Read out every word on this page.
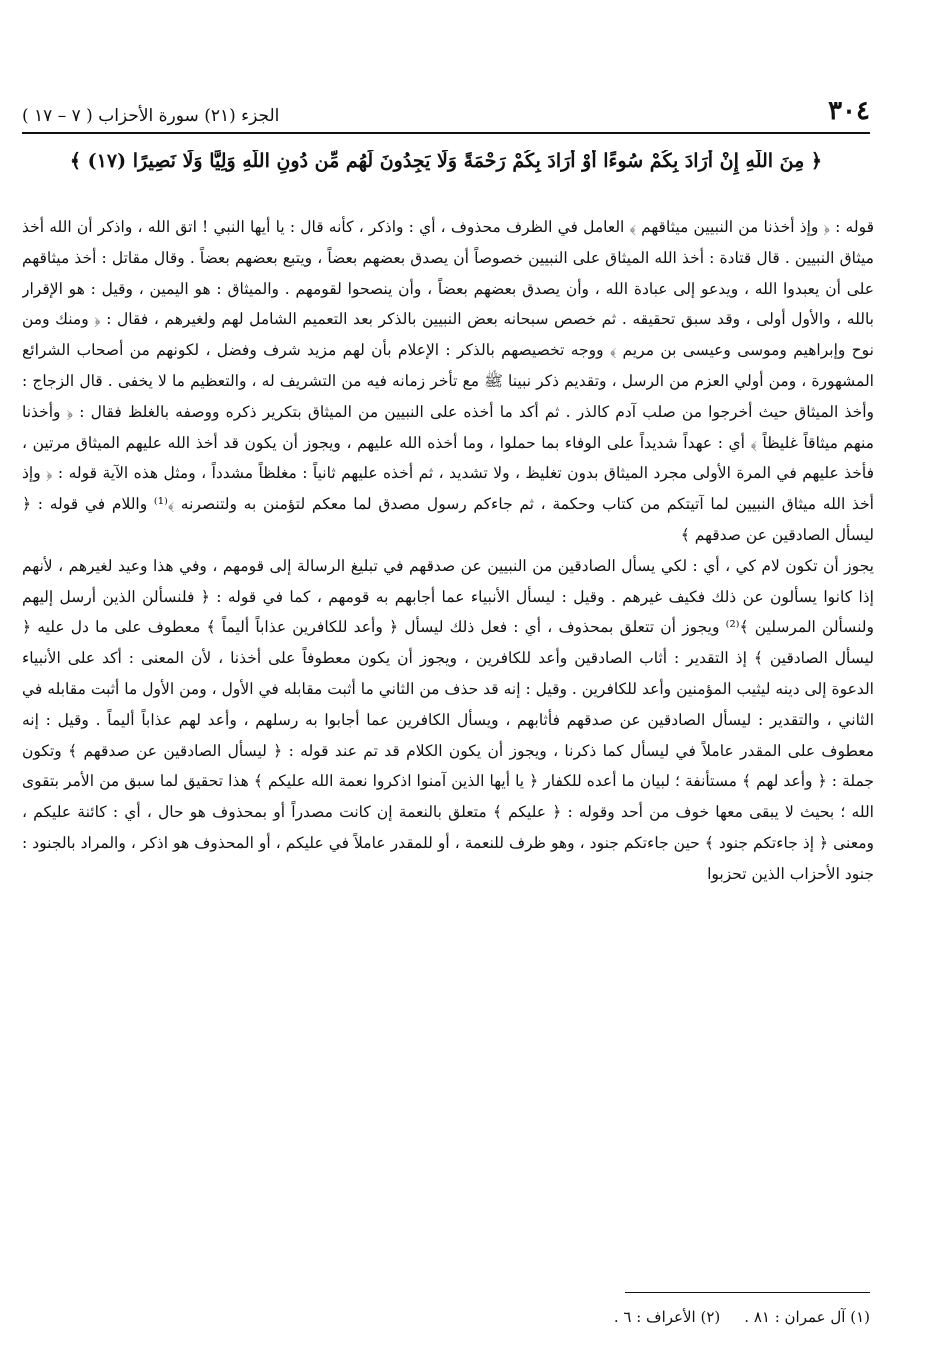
٣٠٤
الجزء (٢١) سورة الأحزاب ( ٧ – ١٧ )
﴿ مِنَ اللَّهِ إِنْ أَرَادَ بِكُمْ سُوءًا أَوْ أَرَادَ بِكُمْ رَحْمَةً وَلَا يَجِدُونَ لَهُم مِّن دُونِ اللَّهِ وَلِيًّا وَلَا نَصِيرًا (١٧) ﴾

قوله : ﴿ وإذ أخذنا من النبيين ميثاقهم ﴾ العامل في الظرف محذوف ، أي : واذكر ، كأنه قال : يا أيها النبي ! اتق الله ، واذكر أن الله أخذ ميثاق النبيين . قال قتادة : أخذ الله الميثاق على النبيين خصوصاً أن يصدق بعضهم بعضاً ، ويتبع بعضهم بعضاً . وقال مقاتل : أخذ ميثاقهم على أن يعبدوا الله ، ويدعو إلى عبادة الله ، وأن يصدق بعضهم بعضاً ، وأن ينصحوا لقومهم . والميثاق : هو اليمين ، وقيل : هو الإقرار بالله ، والأول أولى ، وقد سبق تحقيقه . ثم خصص سبحانه بعض النبيين بالذكر بعد التعميم الشامل لهم ولغيرهم ، فقال : ﴿ ومنك ومن نوح وإبراهيم وموسى وعيسى بن مريم ﴾ ووجه تخصيصهم بالذكر : الإعلام بأن لهم مزيد شرف وفضل ، لكونهم من أصحاب الشرائع المشهورة ، ومن أولي العزم من الرسل ، وتقديم ذكر نبينا ﷺ مع تأخر زمانه فيه من التشريف له ، والتعظيم ما لا يخفى . قال الزجاج : وأخذ الميثاق حيث أخرجوا من صلب آدم كالذر . ثم أكد ما أخذه على النبيين من الميثاق بتكرير ذكره ووصفه بالغلظ فقال : ﴿ وأخذنا منهم ميثاقاً غليظاً ﴾ أي : عهداً شديداً على الوفاء بما حملوا ، وما أخذه الله عليهم ، ويجوز أن يكون قد أخذ الله عليهم الميثاق مرتين ، فأخذ عليهم في المرة الأولى مجرد الميثاق بدون تغليظ ، ولا تشديد ، ثم أخذه عليهم ثانياً : مغلظاً مشدداً ، ومثل هذه الآية قوله : ﴿ وإذ أخذ الله ميثاق النبيين لما آتيتكم من كتاب وحكمة ، ثم جاءكم رسول مصدق لما معكم لتؤمنن به ولتنصرنه ﴾⁽¹⁾ واللام في قوله : ﴿ ليسأل الصادقين عن صدقهم ﴾

يجوز أن تكون لام كي ، أي : لكي يسأل الصادقين من النبيين عن صدقهم في تبليغ الرسالة إلى قومهم ، وفي هذا وعيد لغيرهم ، لأنهم إذا كانوا يسألون عن ذلك فكيف غيرهم . وقيل : ليسأل الأنبياء عما أجابهم به قومهم ، كما في قوله : ﴿ فلنسألن الذين أرسل إليهم ولنسألن المرسلين ﴾⁽²⁾ ويجوز أن تتعلق بمحذوف ، أي : فعل ذلك ليسأل ﴿ وأعد للكافرين عذاباً أليماً ﴾ معطوف على ما دل عليه ﴿ ليسأل الصادقين ﴾ إذ التقدير : أثاب الصادقين وأعد للكافرين ، ويجوز أن يكون معطوفاً على أخذنا ، لأن المعنى : أكد على الأنبياء الدعوة إلى دينه ليثيب المؤمنين وأعد للكافرين . وقيل : إنه قد حذف من الثاني ما أثبت مقابله في الأول ، ومن الأول ما أثبت مقابله في الثاني ، والتقدير : ليسأل الصادقين عن صدقهم فأثابهم ، ويسأل الكافرين عما أجابوا به رسلهم ، وأعد لهم عذاباً أليماً . وقيل : إنه معطوف على المقدر عاملاً في ليسأل كما ذكرنا ، ويجوز أن يكون الكلام قد تم عند قوله : ﴿ ليسأل الصادقين عن صدقهم ﴾ وتكون جملة : ﴿ وأعد لهم ﴾ مستأنفة ؛ لبيان ما أعده للكفار ﴿ يا أيها الذين آمنوا اذكروا نعمة الله عليكم ﴾ هذا تحقيق لما سبق من الأمر بتقوى الله ؛ بحيث لا يبقى معها خوف من أحد وقوله : ﴿ عليكم ﴾ متعلق بالنعمة إن كانت مصدراً أو بمحذوف هو حال ، أي : كائنة عليكم ، ومعنى ﴿ إذ جاءتكم جنود ﴾ حين جاءتكم جنود ، وهو ظرف للنعمة ، أو للمقدر عاملاً في عليكم ، أو المحذوف هو اذكر ، والمراد بالجنود : جنود الأحزاب الذين تحزبوا

(١) آل عمران : ٨١ .
(٢) الأعراف : ٦ .
